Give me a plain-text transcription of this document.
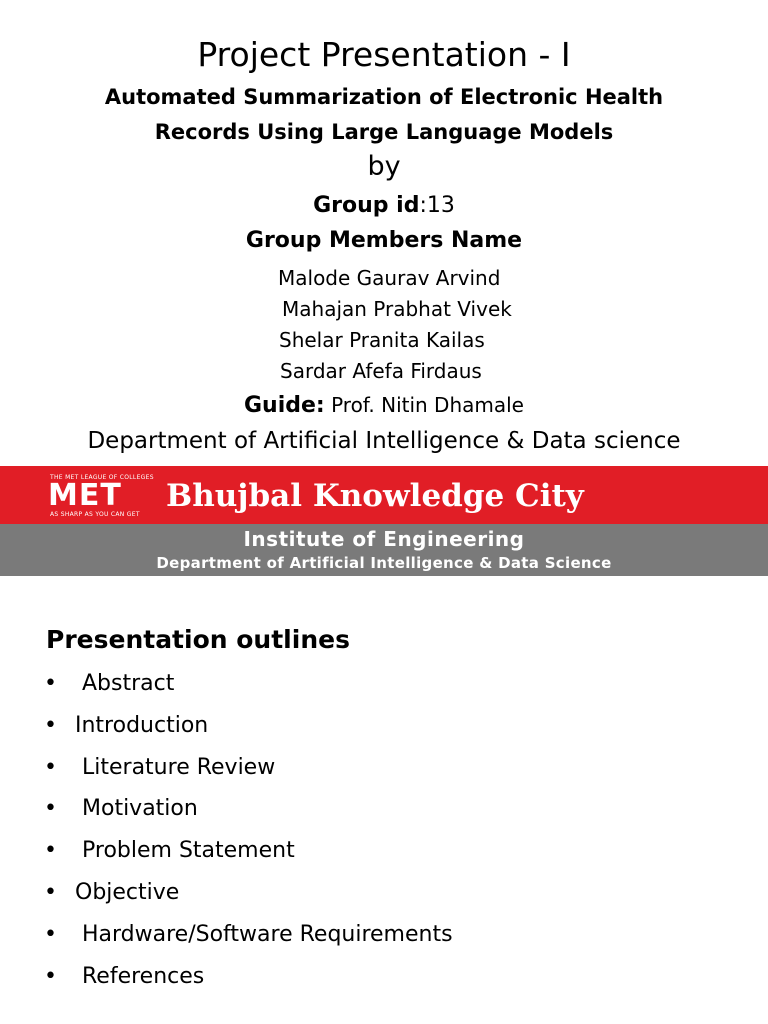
Project Presentation - I
Automated Summarization of Electronic Health
Records Using Large Language Models
by
Group id:13
Group Members Name
Malode Gaurav Arvind
Mahajan Prabhat Vivek
Shelar Pranita Kailas
Sardar Afefa Firdaus
Guide: Prof. Nitin Dhamale
Department of Artificial Intelligence & Data science
THE MET LEAGUE OF COLLEGES
MET
AS SHARP AS YOU CAN GET
Bhujbal Knowledge City
Institute of Engineering
Department of Artificial Intelligence & Data Science
Presentation outlines
• Abstract
• Introduction
• Literature Review
• Motivation
• Problem Statement
• Objective
• Hardware/Software Requirements
• References
